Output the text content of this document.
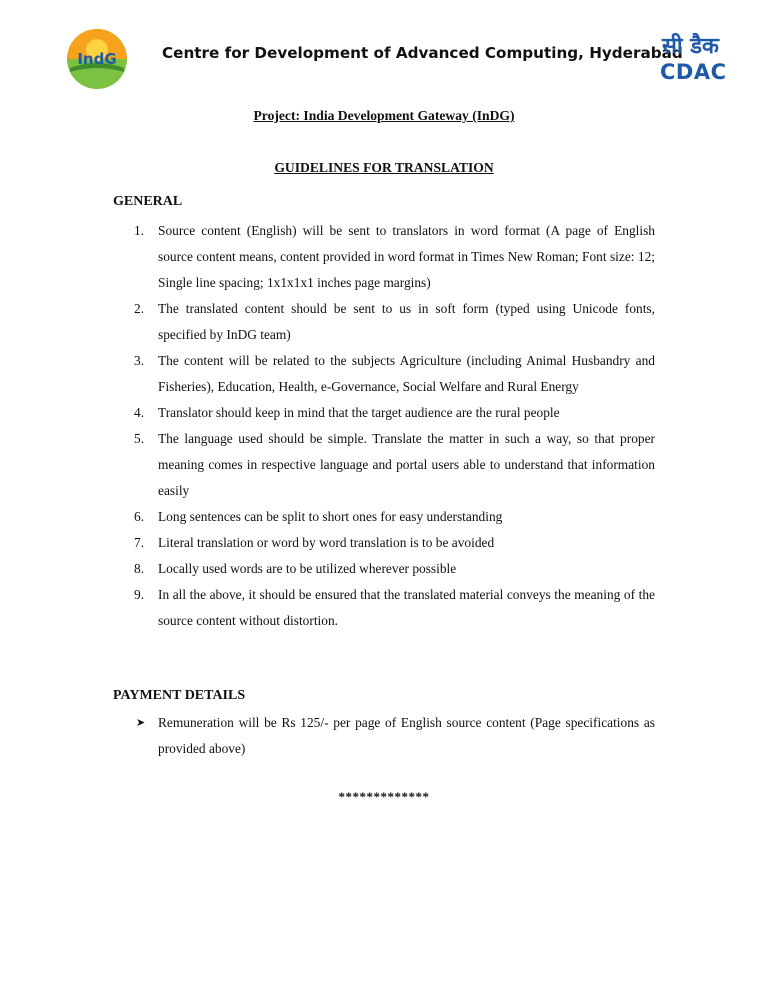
IndG	Centre for Development of Advanced Computing, Hyderabad
सी डैक
CDAC
Project: India Development Gateway (InDG)
GUIDELINES FOR TRANSLATION
GENERAL
1. Source content (English) will be sent to translators in word format (A page of English source content means, content provided in word format in Times New Roman; Font size: 12; Single line spacing; 1x1x1x1 inches page margins)
2. The translated content should be sent to us in soft form (typed using Unicode fonts, specified by InDG team)
3. The content will be related to the subjects Agriculture (including Animal Husbandry and Fisheries), Education, Health, e-Governance, Social Welfare and Rural Energy
4. Translator should keep in mind that the target audience are the rural people
5. The language used should be simple. Translate the matter in such a way, so that proper meaning comes in respective language and portal users able to understand that information easily
6. Long sentences can be split to short ones for easy understanding
7. Literal translation or word by word translation is to be avoided
8. Locally used words are to be utilized wherever possible
9. In all the above, it should be ensured that the translated material conveys the meaning of the source content without distortion.
PAYMENT DETAILS
➤ Remuneration will be Rs 125/- per page of English source content (Page specifications as provided above)
*************
